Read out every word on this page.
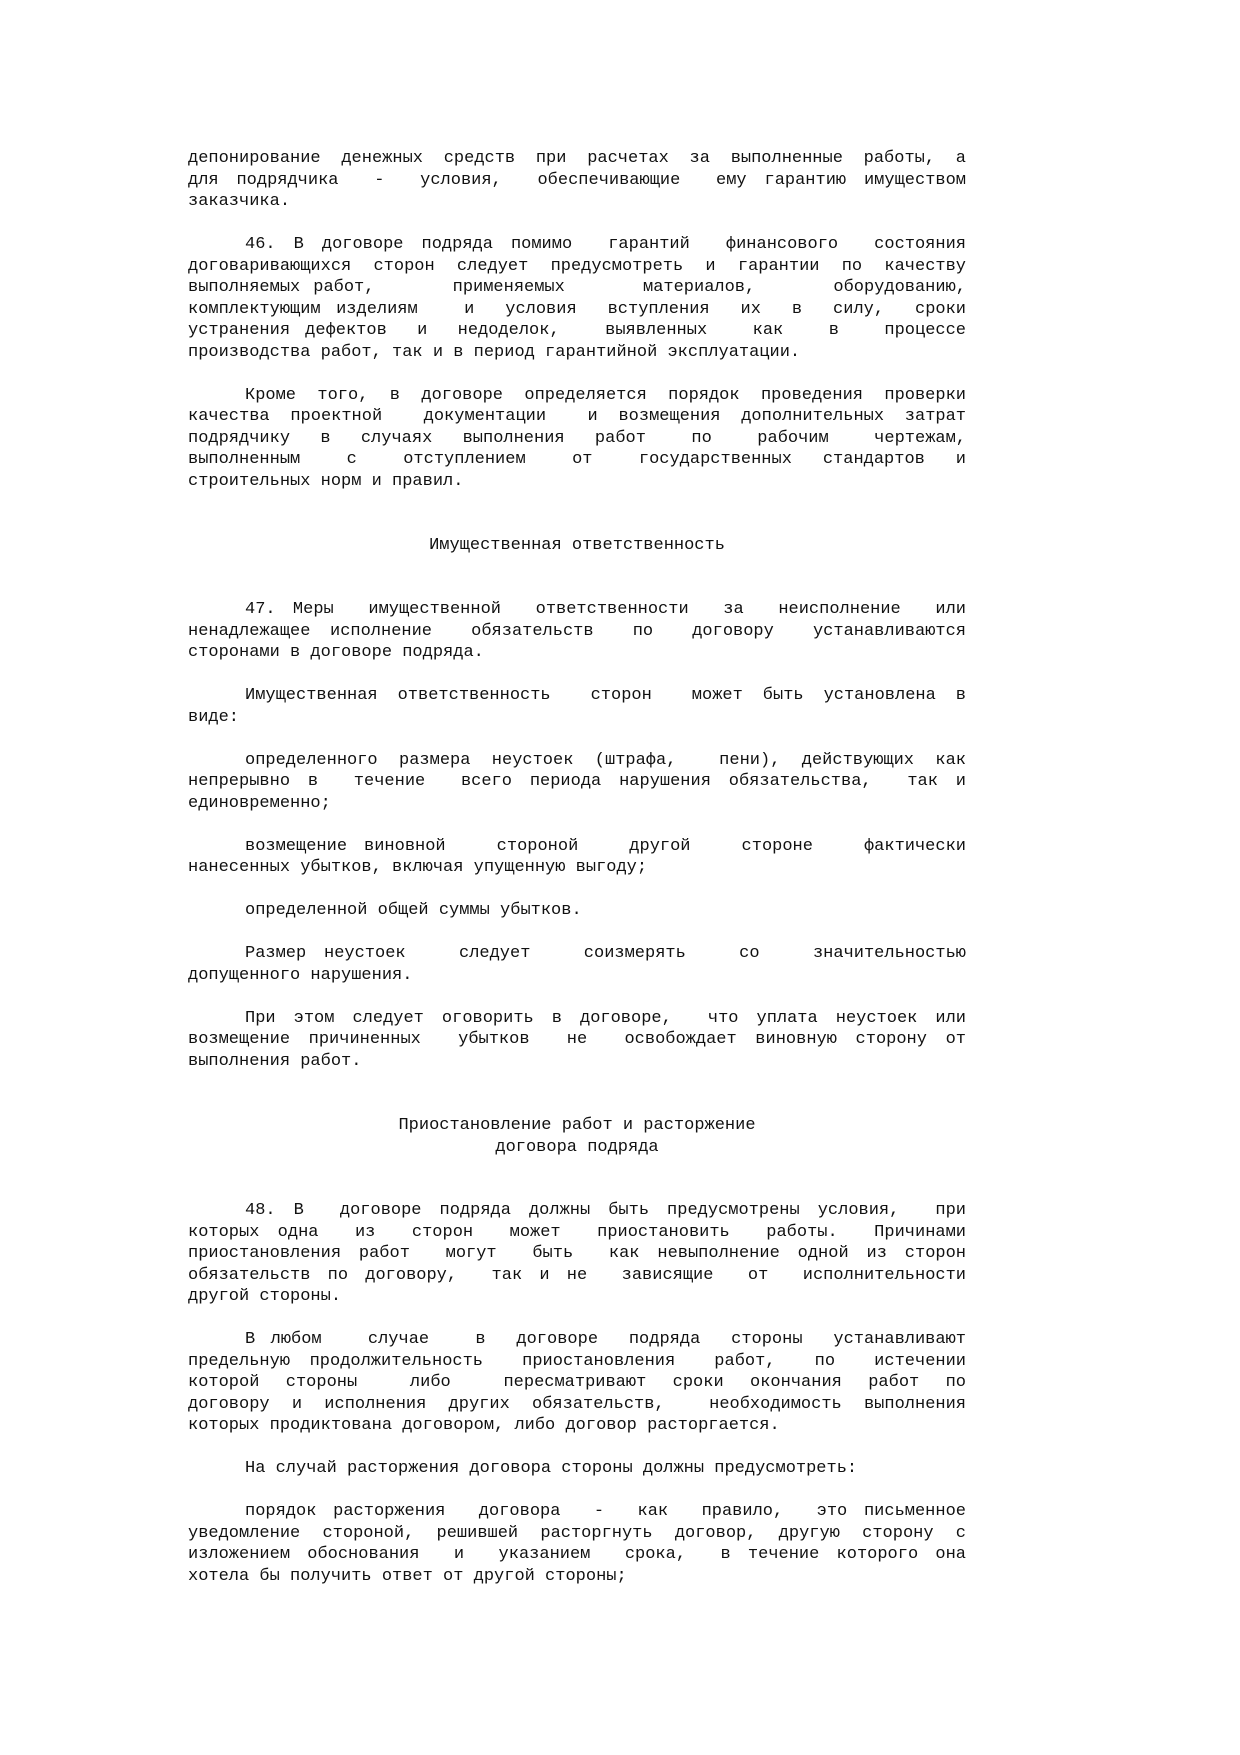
депонирование денежных средств при расчетах за выполненные работы, а
для подрядчика  -  условия,  обеспечивающие  ему гарантию имуществом
заказчика.
46. В договоре подряда помимо  гарантий  финансового  состояния
договаривающихся сторон следует предусмотреть и гарантии по качеству
выполняемых работ,      применяемых      материалов,      оборудованию,
комплектующим изделиям   и  условия  вступления  их  в  силу,  сроки
устранения дефектов  и  недоделок,   выявленных   как   в   процессе
производства работ, так и в период гарантийной эксплуатации.
Кроме того, в договоре определяется порядок проведения проверки
качества проектной  документации  и возмещения дополнительных затрат
подрядчику  в  случаях  выполнения  работ   по   рабочим   чертежам,
выполненным   с   отступлением   от   государственных  стандартов  и
строительных норм и правил.
Имущественная ответственность
47. Меры  имущественной  ответственности  за  неисполнение  или
ненадлежащее исполнение  обязательств  по  договору  устанавливаются
сторонами в договоре подряда.
Имущественная ответственность  сторон  может быть установлена в
виде:
определенного размера неустоек (штрафа,  пени), действующих как
непрерывно в  течение  всего периода нарушения обязательства,  так и
единовременно;
возмещение виновной   стороной   другой   стороне   фактически
нанесенных убытков, включая упущенную выгоду;
определенной общей суммы убытков.
Размер неустоек   следует   соизмерять   со   значительностью
допущенного нарушения.
При этом следует оговорить в договоре,  что уплата неустоек или
возмещение причиненных  убытков  не  освобождает виновную сторону от
выполнения работ.
Приостановление работ и расторжение
договора подряда
48. В  договоре подряда должны быть предусмотрены условия,  при
которых одна  из  сторон  может  приостановить  работы.  Причинами
приостановления работ  могут  быть  как невыполнение одной из сторон
обязательств по договору,  так и не  зависящие  от  исполнительности
другой стороны.
В любом   случае   в  договоре  подряда  стороны  устанавливают
предельную продолжительность  приостановления  работ,  по  истечении
которой стороны  либо  пересматривают сроки окончания работ по
договору и исполнения других обязательств,  необходимость выполнения
которых продиктована договором, либо договор расторгается.
На случай расторжения договора стороны должны предусмотреть:
порядок расторжения  договора  -  как  правило,  это письменное
уведомление стороной, решившей расторгнуть договор, другую сторону с
изложением обоснования  и  указанием  срока,  в течение которого она
хотела бы получить ответ от другой стороны;
